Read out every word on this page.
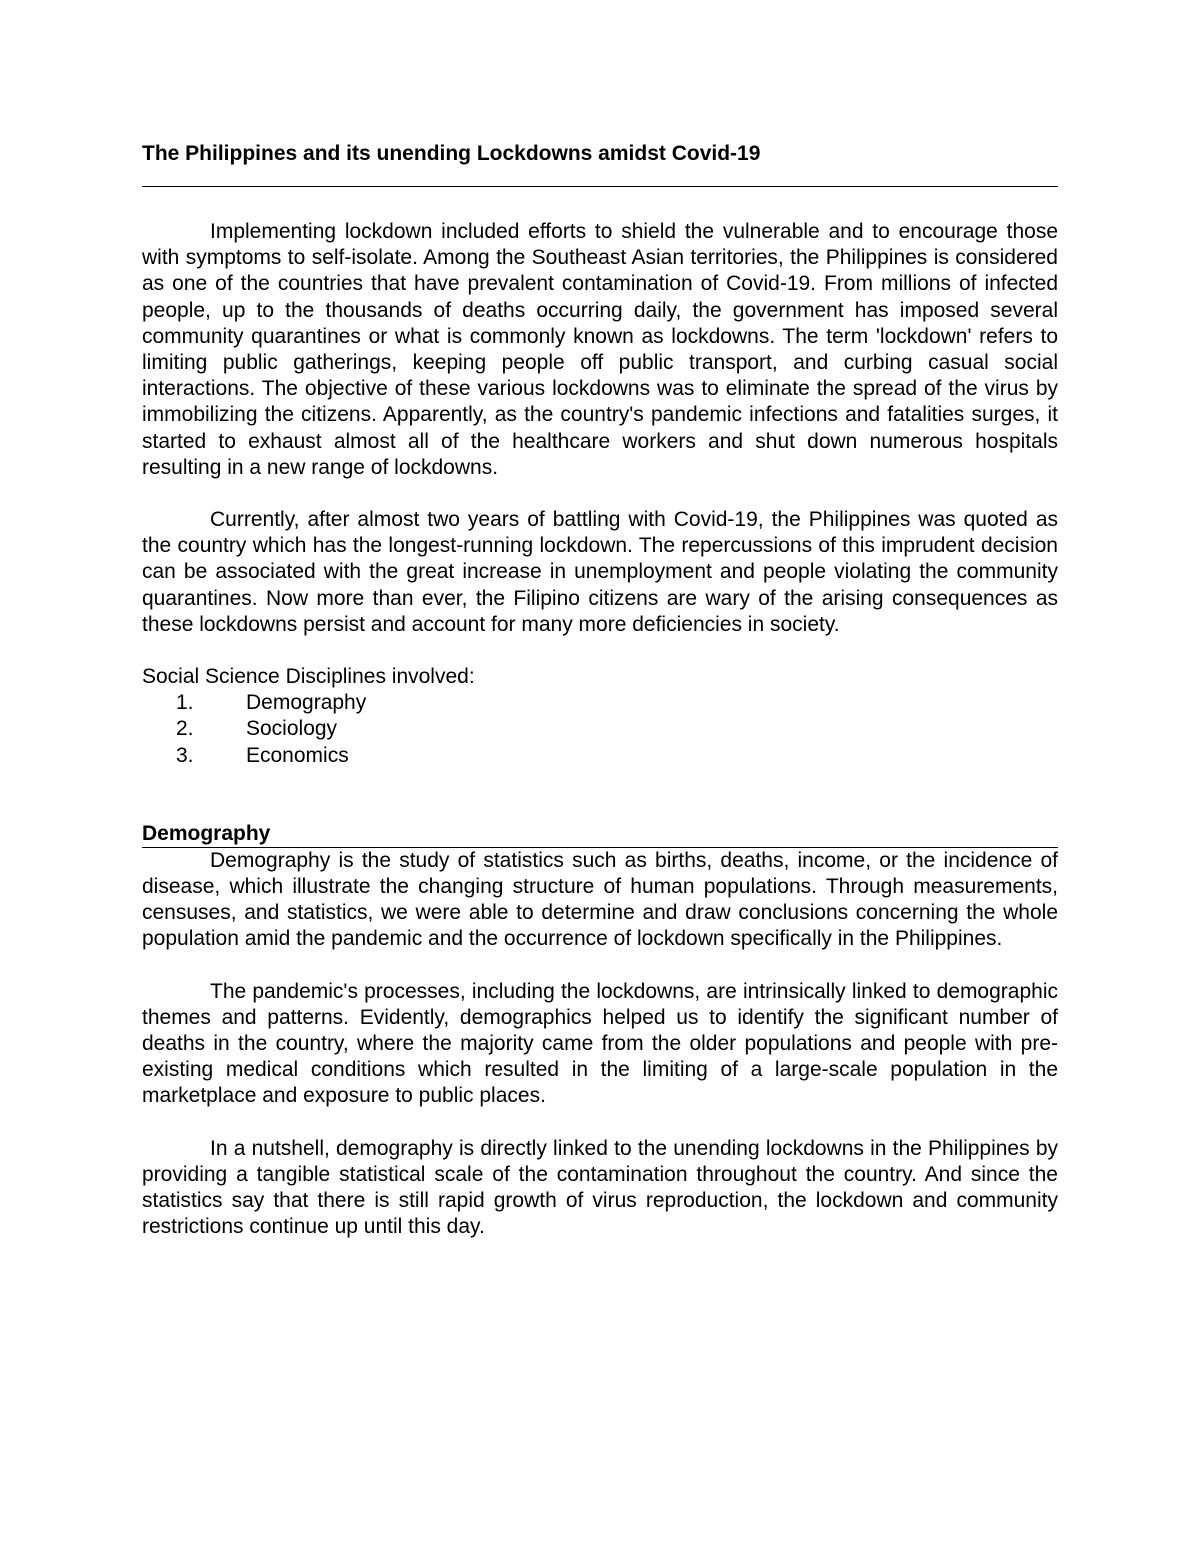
The Philippines and its unending Lockdowns amidst Covid-19

Implementing lockdown included efforts to shield the vulnerable and to encourage those with symptoms to self-isolate. Among the Southeast Asian territories, the Philippines is considered as one of the countries that have prevalent contamination of Covid-19. From millions of infected people, up to the thousands of deaths occurring daily, the government has imposed several community quarantines or what is commonly known as lockdowns. The term 'lockdown' refers to limiting public gatherings, keeping people off public transport, and curbing casual social interactions. The objective of these various lockdowns was to eliminate the spread of the virus by immobilizing the citizens. Apparently, as the country's pandemic infections and fatalities surges, it started to exhaust almost all of the healthcare workers and shut down numerous hospitals resulting in a new range of lockdowns.

Currently, after almost two years of battling with Covid-19, the Philippines was quoted as the country which has the longest-running lockdown. The repercussions of this imprudent decision can be associated with the great increase in unemployment and people violating the community quarantines. Now more than ever, the Filipino citizens are wary of the arising consequences as these lockdowns persist and account for many more deficiencies in society.

Social Science Disciplines involved:

1.	Demography
2.	Sociology
3.	Economics
Demography

Demography is the study of statistics such as births, deaths, income, or the incidence of disease, which illustrate the changing structure of human populations. Through measurements, censuses, and statistics, we were able to determine and draw conclusions concerning the whole population amid the pandemic and the occurrence of lockdown specifically in the Philippines.

The pandemic's processes, including the lockdowns, are intrinsically linked to demographic themes and patterns. Evidently, demographics helped us to identify the significant number of deaths in the country, where the majority came from the older populations and people with pre-existing medical conditions which resulted in the limiting of a large-scale population in the marketplace and exposure to public places.

In a nutshell, demography is directly linked to the unending lockdowns in the Philippines by providing a tangible statistical scale of the contamination throughout the country. And since the statistics say that there is still rapid growth of virus reproduction, the lockdown and community restrictions continue up until this day.
